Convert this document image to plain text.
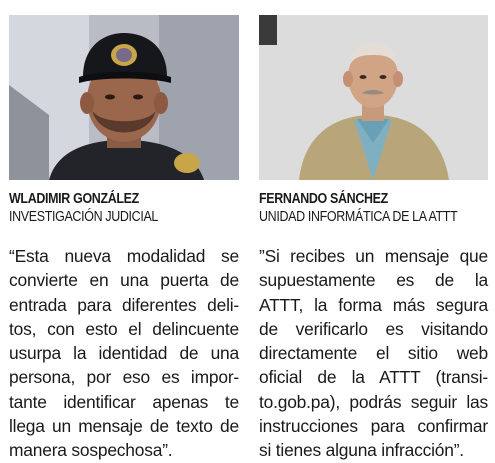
WLADIMIR GONZÁLEZ
INVESTIGACIÓN JUDICIAL
“Esta nueva modalidad se
convierte en una puerta de
entrada para diferentes deli-
tos, con esto el delincuente
usurpa la identidad de una
persona, por eso es impor-
tante identificar apenas te
llega un mensaje de texto de
manera sospechosa”.
FERNANDO SÁNCHEZ
UNIDAD INFORMÁTICA DE LA ATTT
”Si recibes un mensaje que
supuestamente es de la
ATTT, la forma más segura
de verificarlo es visitando
directamente el sitio web
oficial de la ATTT (transi-
to.gob.pa), podrás seguir las
instrucciones para confirmar
si tienes alguna infracción”.
